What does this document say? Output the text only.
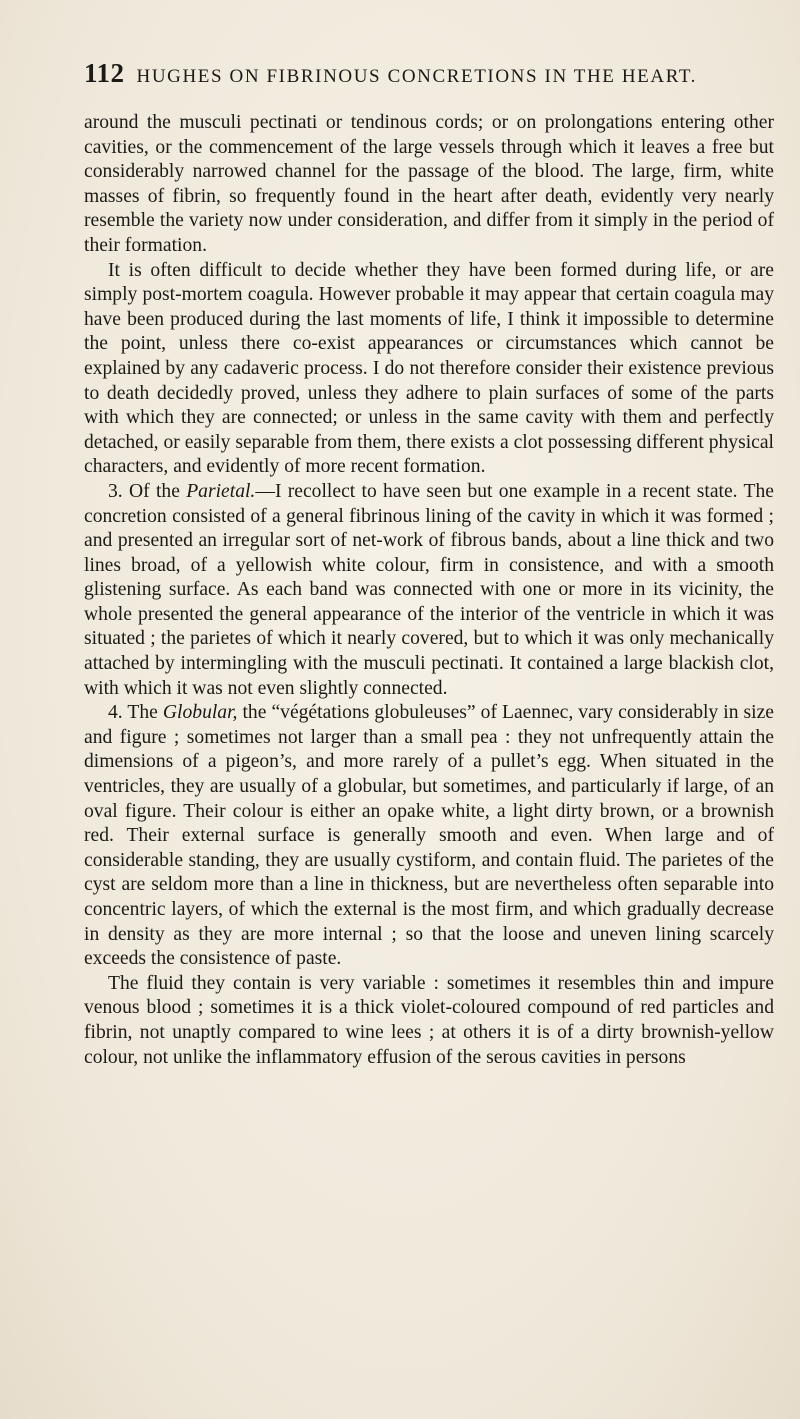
112 HUGHES ON FIBRINOUS CONCRETIONS IN THE HEART.

around the musculi pectinati or tendinous cords; or on prolongations entering other cavities, or the commencement of the large vessels through which it leaves a free but considerably narrowed channel for the passage of the blood. The large, firm, white masses of fibrin, so frequently found in the heart after death, evidently very nearly resemble the variety now under consideration, and differ from it simply in the period of their formation.

It is often difficult to decide whether they have been formed during life, or are simply post-mortem coagula. However probable it may appear that certain coagula may have been produced during the last moments of life, I think it impossible to determine the point, unless there co-exist appearances or circumstances which cannot be explained by any cadaveric process. I do not therefore consider their existence previous to death decidedly proved, unless they adhere to plain surfaces of some of the parts with which they are connected; or unless in the same cavity with them and perfectly detached, or easily separable from them, there exists a clot possessing different physical characters, and evidently of more recent formation.

3. Of the Parietal.—I recollect to have seen but one example in a recent state. The concretion consisted of a general fibrinous lining of the cavity in which it was formed ; and presented an irregular sort of net-work of fibrous bands, about a line thick and two lines broad, of a yellowish white colour, firm in consistence, and with a smooth glistening surface. As each band was connected with one or more in its vicinity, the whole presented the general appearance of the interior of the ventricle in which it was situated ; the parietes of which it nearly covered, but to which it was only mechanically attached by intermingling with the musculi pectinati. It contained a large blackish clot, with which it was not even slightly connected.

4. The Globular, the “végétations globuleuses” of Laennec, vary considerably in size and figure ; sometimes not larger than a small pea : they not unfrequently attain the dimensions of a pigeon’s, and more rarely of a pullet’s egg. When situated in the ventricles, they are usually of a globular, but sometimes, and particularly if large, of an oval figure. Their colour is either an opake white, a light dirty brown, or a brownish red. Their external surface is generally smooth and even. When large and of considerable standing, they are usually cystiform, and contain fluid. The parietes of the cyst are seldom more than a line in thickness, but are nevertheless often separable into concentric layers, of which the external is the most firm, and which gradually decrease in density as they are more internal ; so that the loose and uneven lining scarcely exceeds the consistence of paste.

The fluid they contain is very variable : sometimes it resembles thin and impure venous blood ; sometimes it is a thick violet-coloured compound of red particles and fibrin, not unaptly compared to wine lees ; at others it is of a dirty brownish-yellow colour, not unlike the inflammatory effusion of the serous cavities in persons
